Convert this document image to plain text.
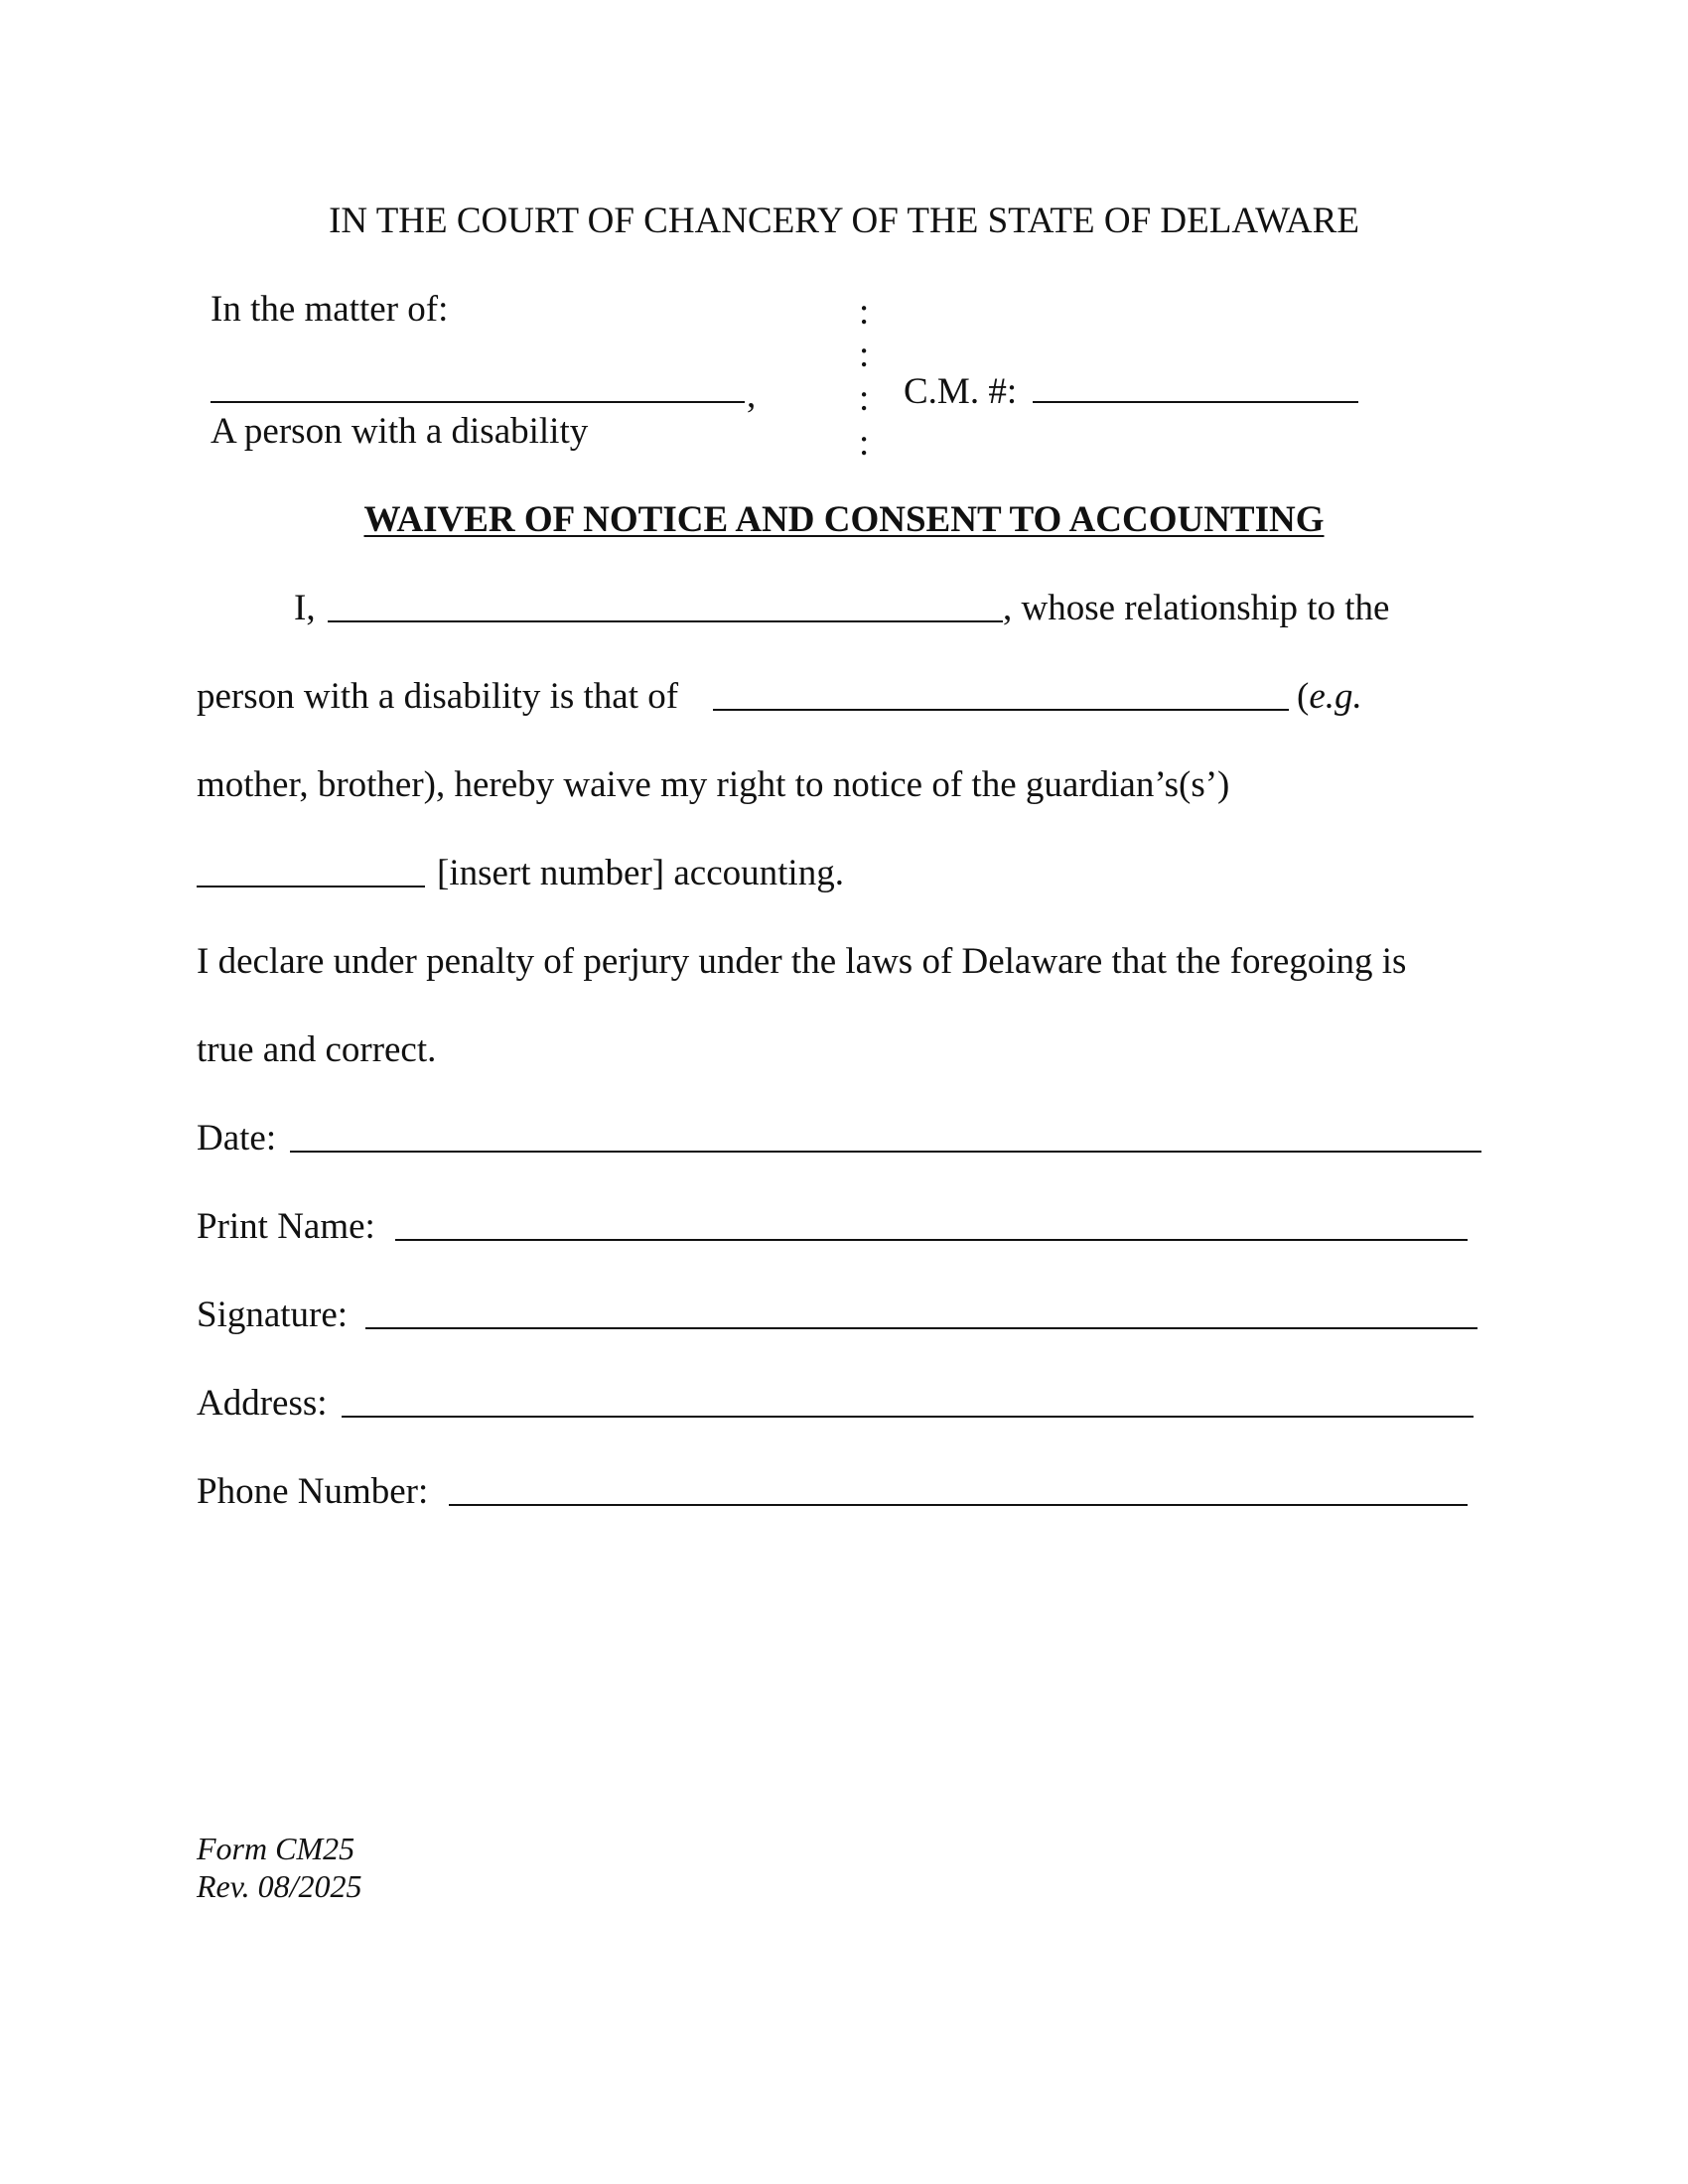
IN THE COURT OF CHANCERY OF THE STATE OF DELAWARE
In the matter of:
,
A person with a disability
:
:
:
:
C.M. #:
WAIVER OF NOTICE AND CONSENT TO ACCOUNTING
I,	, whose relationship to the
person with a disability is that of	(e.g.
mother, brother), hereby waive my right to notice of the guardian’s(s’)
[insert number] accounting.
I declare under penalty of perjury under the laws of Delaware that the foregoing is
true and correct.
Date:
Print Name:
Signature:
Address:
Phone Number:
Form CM25
Rev. 08/2025
